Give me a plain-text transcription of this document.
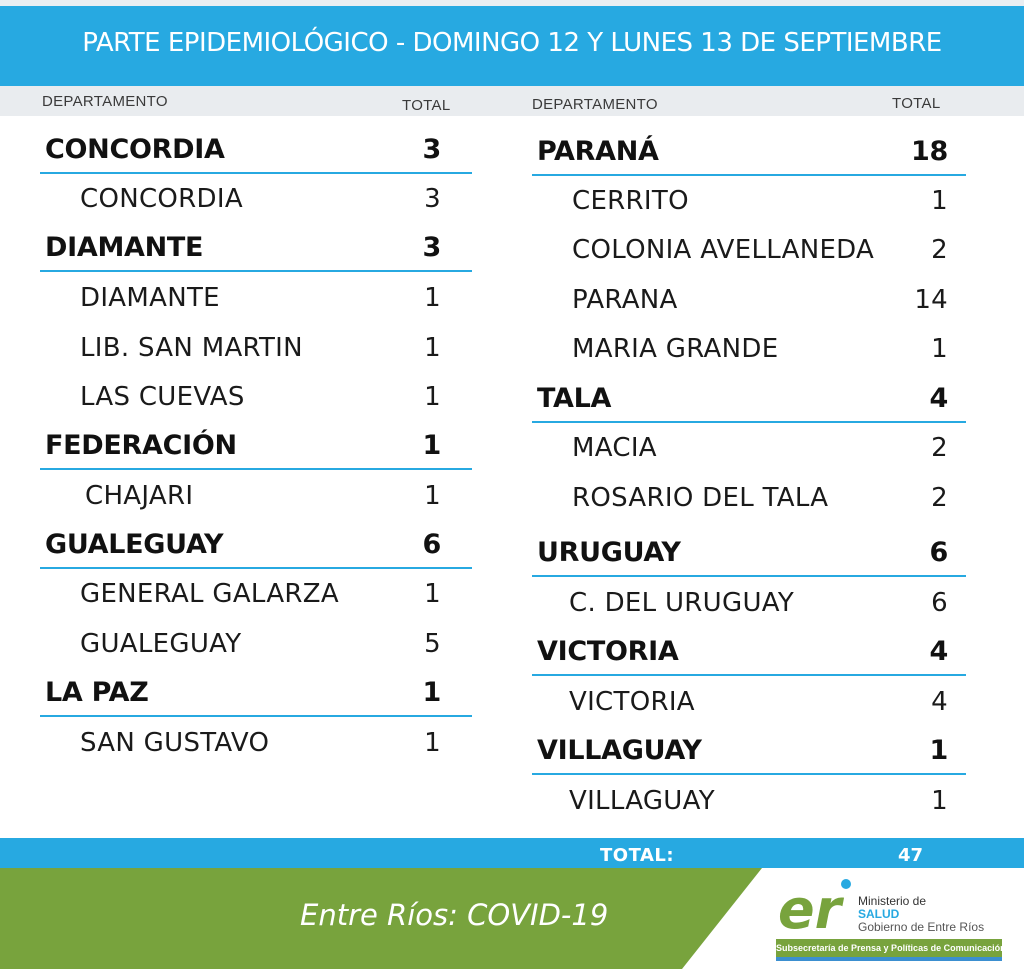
PARTE EPIDEMIOLÓGICO - DOMINGO 12 Y LUNES 13 DE SEPTIEMBRE
DEPARTAMENTO	TOTAL	DEPARTAMENTO	TOTAL
CONCORDIA	3
CONCORDIA	3
DIAMANTE	3
DIAMANTE	1
LIB. SAN MARTIN	1
LAS CUEVAS	1
FEDERACIÓN	1
CHAJARI	1
GUALEGUAY	6
GENERAL GALARZA	1
GUALEGUAY	5
LA PAZ	1
SAN GUSTAVO	1
PARANÁ	18
CERRITO	1
COLONIA AVELLANEDA 2
PARANA	14
MARIA GRANDE	1
TALA	4
MACIA	2
ROSARIO DEL TALA	2
URUGUAY	6
C. DEL URUGUAY	6
VICTORIA	4
VICTORIA	4
VILLAGUAY	1
VILLAGUAY	1
TOTAL:	47
Entre Ríos: COVID-19	er Ministerio de
SALUD
Gobierno de Entre Ríos
Subsecretaría de Prensa y Políticas de Comunicación
